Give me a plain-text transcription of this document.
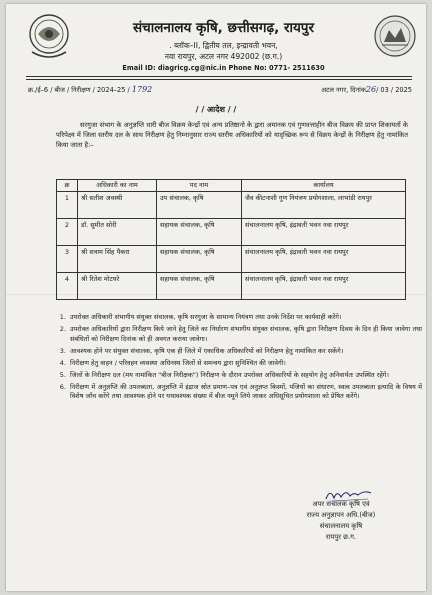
संचालनालय कृषि, छत्तीसगढ़, रायपुर
. ब्लॉक–II, द्वितीय तल, इन्द्रावती भवन,
नवा रायपुर, अटल नगर 492002 (छ.ग.)
Email ID: diagricg.cg@nic.in Phone No: 0771- 2511630
क्र./ई–6 / बीज / निरीक्षण / 2024–25 / 1792	अटल नगर, दिनांक26/ 03 / 2025
/ / आदेश / /
सरगुजा संभाग के अनुज्ञप्ति धारी बीज विक्रय केन्द्रों एवं अन्य प्रतिष्ठानो के द्वारा अमानक एवं गुणवत्ताहीन बीज विक्रय की प्राप्त शिकायतों के परिपेक्ष्य में जिला स्तरीय दल के साथ निरीक्षण हेतु निम्नानुसार राज्य स्तरीय अधिकारियों को यादृच्छिक रूप से विक्रय केन्द्रों के निरीक्षण हेतु नामांकित किया जाता है:–
क्र	अधिकारी का नाम	पद नाम	कार्यालय
1	श्री सतीश अवस्थी	उप संचालक, कृषि	जैव कीटनाशी गुण नियंत्रण प्रयोगशाला, लाभांडी रायपुर
2	डॉ. सुमीत सोरी	सहायक संचालक, कृषि	संचालनालय कृषि, इंद्रावती भवन नवा रायपुर
3	श्री सत्राम सिंह पैकरा	सहायक संचालक, कृषि	संचालनालय कृषि, इंद्रावती भवन नवा रायपुर
4	श्री रितेश मोटघरे	सहायक संचालक, कृषि	संचालनालय कृषि, इंद्रावती भवन नवा रायपुर
1. उपरोक्त अधिकारी संभागीय संयुक्त संचालक, कृषि सरगुजा के सामान्य नियंत्रण तथा उनके निर्देश पर कार्यवाही करेंगे।
2. उपरोक्त अधिकारियों द्वारा निरीक्षण किये जाने हेतु जिले का निर्धारण संभागीय संयुक्त संचालक, कृषि द्वारा निरीक्षण दिवस के दिन ही किया जावेगा तथा संबंधितों को निरीक्षण दिनांक को ही अवगत कराया जावेगा।
3. आवश्यक होने पर संयुक्त संचालक, कृषि एक ही जिले में एकाधिक अधिकारियों को निरीक्षण हेतु नामांकित कर सकेंगे।
4. निरीक्षण हेतु वाहन / परिवहन व्यवस्था अधिनस्थ जिलों से समन्वय द्वारा सुनिश्चित की जावेगी।
5. जिलों के निरीक्षण दल (मय नामांकित "बीज निरीक्षक") निरीक्षण के दौरान उपरोक्त अधिकारियों के सहयोग हेतु अनिवार्यतः उपस्थित रहेंगे।
6. निरीक्षण में अनुज्ञप्ति की उपलब्धता, अनुज्ञप्ति में इंद्राज स्रोत प्रमाण–पत्र एवं अनुज्ञप्त किस्मों, पंजियों का संधारण, स्वत्व उपलब्धता इत्यादि के विषय में विशेष जाँच करेंगे तथा आवश्यक होने पर यथावश्यक संख्या में बीज नमूने लिये जाकर अधिसूचित प्रयोगशाला को प्रेषित करेंगे।
अपर संचालक कृषि एवं
राज्य अनुज्ञापन अधि.(बीज)
संचालनालय कृषि
रायपुर छ.ग.
